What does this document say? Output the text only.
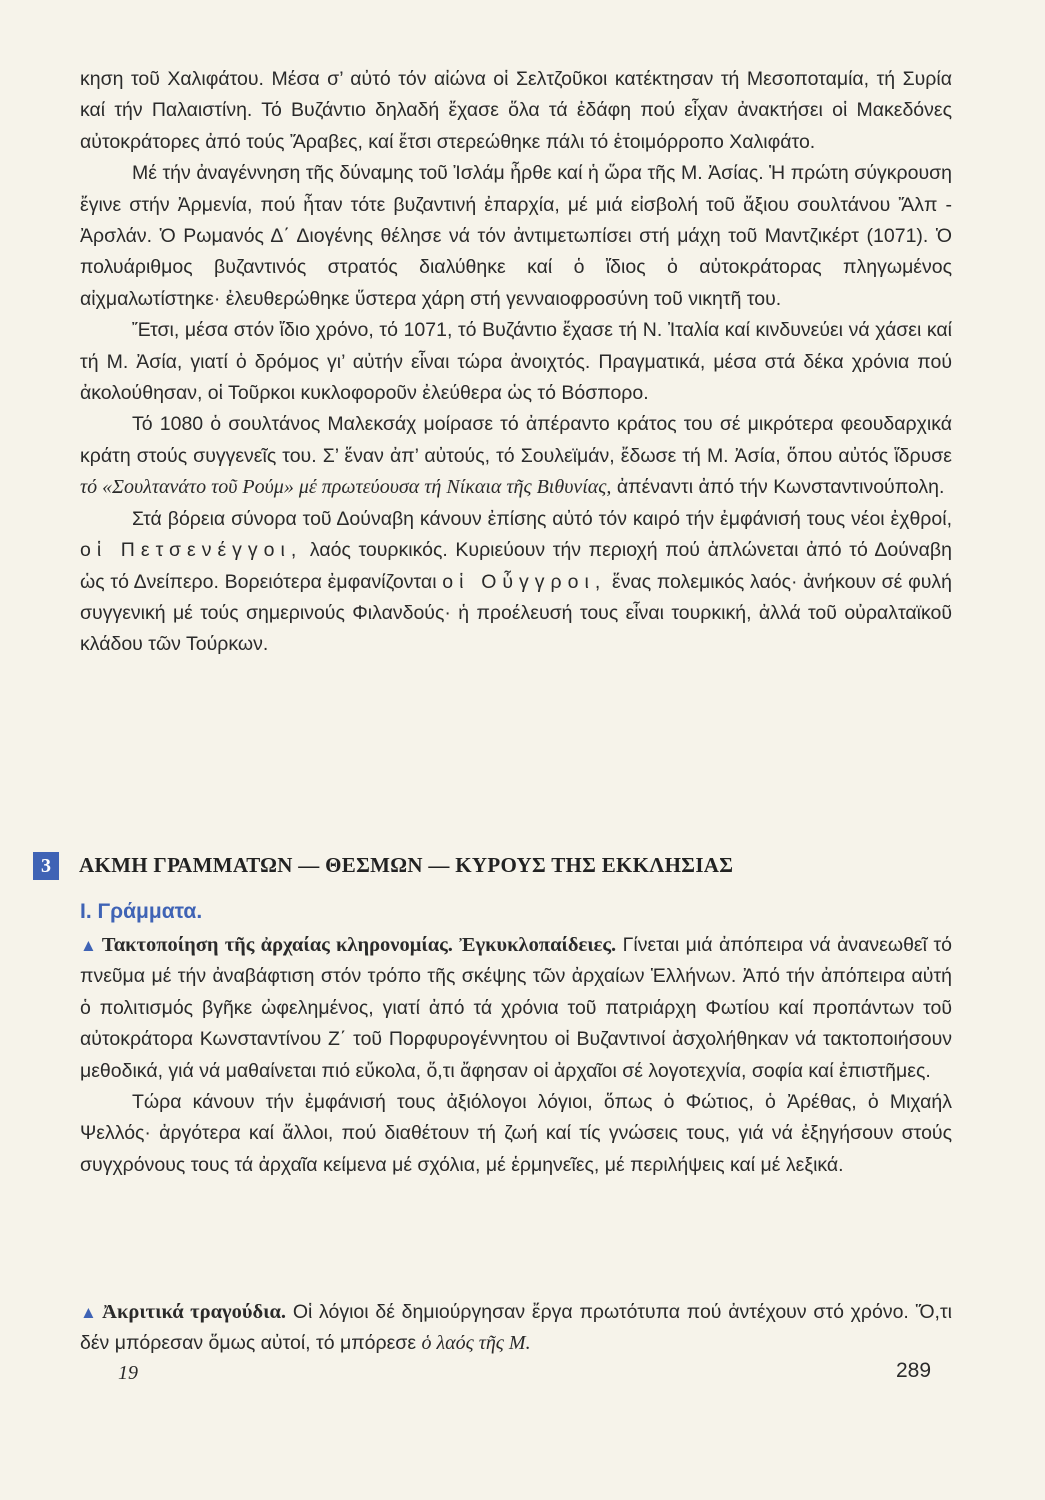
κηση τοῦ Χαλιφάτου. Μέσα σ’ αὐτό τόν αἰώνα οἱ Σελτζοῦκοι κατέκτησαν τή Μεσοποταμία, τή Συρία καί τήν Παλαιστίνη. Τό Βυζάντιο δηλαδή ἔχασε ὅλα τά ἐδάφη πού εἶχαν ἀνακτήσει οἱ Μακεδόνες αὐτοκράτορες ἀπό τούς Ἄραβες, καί ἔτσι στερεώθηκε πάλι τό ἑτοιμόρροπο Χαλιφάτο.

Μέ τήν ἀναγέννηση τῆς δύναμης τοῦ Ἰσλάμ ἦρθε καί ἡ ὥρα τῆς Μ. Ἀσίας. Ἡ πρώτη σύγκρουση ἔγινε στήν Ἀρμενία, πού ἦταν τότε βυζαντινή ἐπαρχία, μέ μιά εἰσβολή τοῦ ἄξιου σουλτάνου Ἄλπ - Ἀρσλάν. Ὁ Ρωμανός Δ΄ Διογένης θέλησε νά τόν ἀντιμετωπίσει στή μάχη τοῦ Μαντζικέρτ (1071). Ὁ πολυάριθμος βυζαντινός στρατός διαλύθηκε καί ὁ ἴδιος ὁ αὐτοκράτορας πληγωμένος αἰχμαλωτίστηκε· ἐλευθερώθηκε ὕστερα χάρη στή γενναιοφροσύνη τοῦ νικητῆ του.

Ἔτσι, μέσα στόν ἴδιο χρόνο, τό 1071, τό Βυζάντιο ἔχασε τή Ν. Ἰταλία καί κινδυνεύει νά χάσει καί τή Μ. Ἀσία, γιατί ὁ δρόμος γι’ αὐτήν εἶναι τώρα ἀνοιχτός. Πραγματικά, μέσα στά δέκα χρόνια πού ἀκολούθησαν, οἱ Τοῦρκοι κυκλοφοροῦν ἐλεύθερα ὡς τό Βόσπορο.

Τό 1080 ὁ σουλτάνος Μαλεκσάχ μοίρασε τό ἀπέραντο κράτος του σέ μικρότερα φεουδαρχικά κράτη στούς συγγενεῖς του. Σ’ ἕναν ἀπ’ αὐτούς, τό Σουλεϊμάν, ἔδωσε τή Μ. Ἀσία, ὅπου αὐτός ἵδρυσε τό «Σουλτανάτο τοῦ Ρούμ» μέ πρωτεύουσα τή Νίκαια τῆς Βιθυνίας, ἀπέναντι ἀπό τήν Κωνσταντινούπολη.

Στά βόρεια σύνορα τοῦ Δούναβη κάνουν ἐπίσης αὐτό τόν καιρό τήν ἐμφάνισή τους νέοι ἐχθροί, οἱ Πετσενέγγοι, λαός τουρκικός. Κυριεύουν τήν περιοχή πού ἁπλώνεται ἀπό τό Δούναβη ὡς τό Δνείπερο. Βορειότερα ἐμφανίζονται οἱ Οὖγγροι, ἕνας πολεμικός λαός· ἀνήκουν σέ φυλή συγγενική μέ τούς σημερινούς Φιλανδούς· ἡ προέλευσή τους εἶναι τουρκική, ἀλλά τοῦ οὐραλταϊκοῦ κλάδου τῶν Τούρκων.

3	ΑΚΜΗ ΓΡΑΜΜΑΤΩΝ — ΘΕΣΜΩΝ — ΚΥΡΟΥΣ ΤΗΣ ΕΚΚΛΗΣΙΑΣ
I. Γράμματα.

▲ Τακτοποίηση τῆς ἀρχαίας κληρονομίας. Ἐγκυκλοπαίδειες. Γίνεται μιά ἀπόπειρα νά ἀνανεωθεῖ τό πνεῦμα μέ τήν ἀναβάφτιση στόν τρόπο τῆς σκέψης τῶν ἀρχαίων Ἑλλήνων. Ἀπό τήν ἀπόπειρα αὐτή ὁ πολιτισμός βγῆκε ὠφελημένος, γιατί ἀπό τά χρόνια τοῦ πατριάρχη Φωτίου καί προπάντων τοῦ αὐτοκράτορα Κωνσταντίνου Ζ΄ τοῦ Πορφυρογέννητου οἱ Βυζαντινοί ἀσχολήθηκαν νά τακτοποιήσουν μεθοδικά, γιά νά μαθαίνεται πιό εὔκολα, ὅ,τι ἄφησαν οἱ ἀρχαῖοι σέ λογοτεχνία, σοφία καί ἐπιστῆμες.

Τώρα κάνουν τήν ἐμφάνισή τους ἀξιόλογοι λόγιοι, ὅπως ὁ Φώτιος, ὁ Ἀρέθας, ὁ Μιχαήλ Ψελλός· ἀργότερα καί ἄλλοι, πού διαθέτουν τή ζωή καί τίς γνώσεις τους, γιά νά ἐξηγήσουν στούς συγχρόνους τους τά ἀρχαῖα κείμενα μέ σχόλια, μέ ἑρμηνεῖες, μέ περιλήψεις καί μέ λεξικά.

▲ Ἀκριτικά τραγούδια. Οἱ λόγιοι δέ δημιούργησαν ἔργα πρωτότυπα πού ἀντέχουν στό χρόνο. Ὅ,τι δέν μπόρεσαν ὅμως αὐτοί, τό μπόρεσε ὁ λαός τῆς Μ.

19	289
